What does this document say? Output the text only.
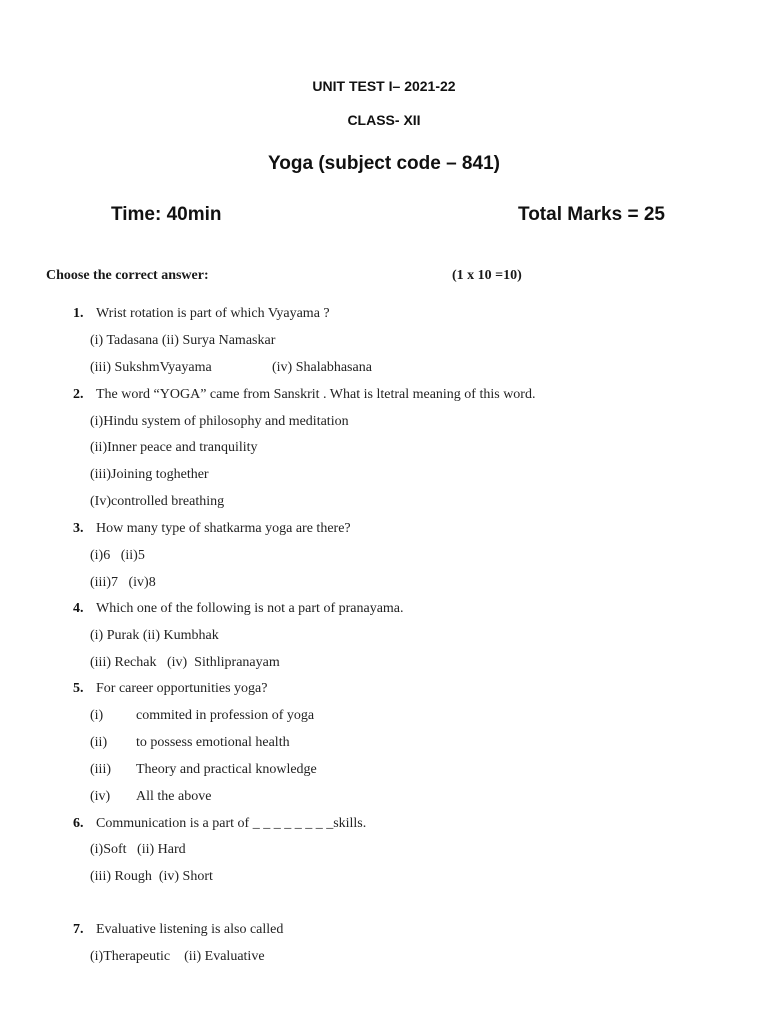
UNIT TEST I– 2021-22
CLASS- XII
Yoga (subject code – 841)
Time: 40min	Total Marks = 25
Choose the correct answer:	(1 x 10 =10)
1. Wrist rotation is part of which Vyayama ?
(i) Tadasana (ii) Surya Namaskar
(iii) SukshmVyayama	(iv) Shalabhasana
2. The word “YOGA” came from Sanskrit . What is ltetral meaning of this word.
(i)Hindu system of philosophy and meditation
(ii)Inner peace and tranquility
(iii)Joining toghether
(Iv)controlled breathing
3. How many type of shatkarma yoga are there?
(i)6   (ii)5
(iii)7   (iv)8
4. Which one of the following is not a part of pranayama.
(i) Purak (ii) Kumbhak
(iii) Rechak   (iv)  Sithlipranayam
5. For career opportunities yoga?
(i) commited in profession of yoga
(ii) to possess emotional health
(iii) Theory and practical knowledge
(iv) All the above
6. Communication is a part of _ _ _ _ _ _ _ _skills.
(i)Soft   (ii) Hard
(iii) Rough  (iv) Short
7. Evaluative listening is also called
(i)Therapeutic    (ii) Evaluative
